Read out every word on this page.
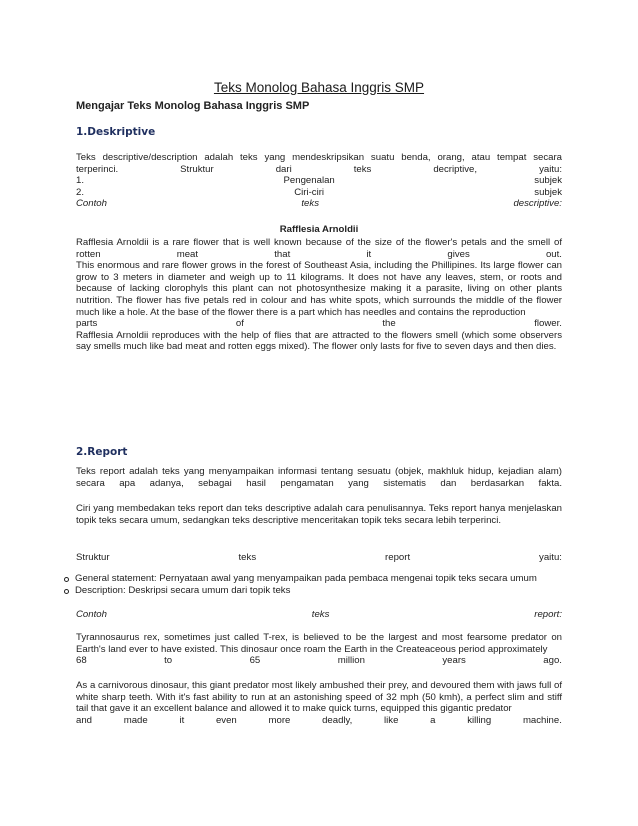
Teks Monolog Bahasa Inggris SMP
Mengajar Teks Monolog Bahasa Inggris SMP
1.Deskriptive
Teks descriptive/description adalah teks yang mendeskripsikan suatu benda, orang, atau tempat secara
terperinci.	Struktur	dari	teks	decriptive,	yaitu:
1.	Pengenalan	subjek
2.	Ciri-ciri	subjek
Contoh	teks	descriptive:
Rafflesia Arnoldii
Rafflesia Arnoldii is a rare flower that is well known because of the size of the flower's petals and the smell of
rotten	meat	that	it	gives	out.
This enormous and rare flower grows in the forest of Southeast Asia, including the Phillipines. Its large flower can grow to 3 meters in diameter and weigh up to 11 kilograms. It does not have any leaves, stem, or roots and because of lacking clorophyls this plant can not photosynthesize making it a parasite, living on other plants nutrition. The flower has five petals red in colour and has white spots, which surrounds the middle of the flower much like a hole. At the base of the flower there is a part which has needles and contains the reproduction
parts	of	the	flower.
Rafflesia Arnoldii reproduces with the help of flies that are attracted to the flowers smell (which some observers say smells much like bad meat and rotten eggs mixed). The flower only lasts for five to seven days and then dies.
2.Report
Teks report adalah teks yang menyampaikan informasi tentang sesuatu (objek, makhluk hidup, kejadian alam)
secara apa adanya, sebagai hasil pengamatan yang sistematis dan berdasarkan fakta.
Ciri yang membedakan teks report dan teks descriptive adalah cara penulisannya. Teks report hanya menjelaskan topik teks secara umum, sedangkan teks descriptive menceritakan topik teks secara lebih terperinci.
Struktur	teks	report	yaitu:
General statement: Pernyataan awal yang menyampaikan pada pembaca mengenai topik teks secara umum
Description: Deskripsi secara umum dari topik teks
Contoh	teks	report:
Tyrannosaurus rex, sometimes just called T-rex, is believed to be the largest and most fearsome predator on Earth's land ever to have existed. This dinosaur once roam the Earth in the Createaceous period approximately
68	to	65	million	years	ago.
As a carnivorous dinosaur, this giant predator most likely ambushed their prey, and devoured them with jaws full of white sharp teeth. With it's fast ability to run at an astonishing speed of 32 mph (50 kmh), a perfect slim and stiff tail that gave it an excellent balance and allowed it to make quick turns, equipped this gigantic predator
and	made	it	even	more	deadly,	like	a	killing	machine.
